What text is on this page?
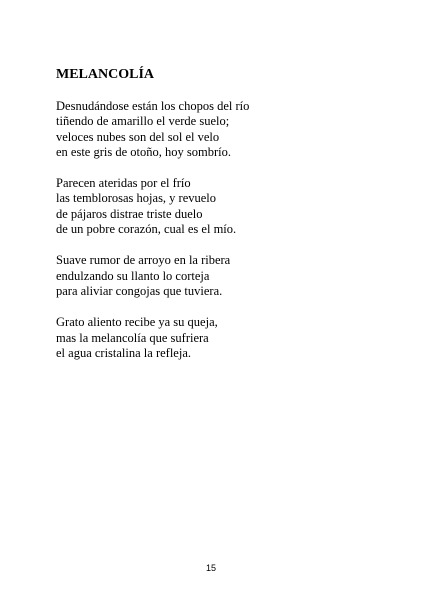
MELANCOLÍA
Desnudándose están los chopos del río
tiñendo de amarillo el verde suelo;
veloces nubes son del sol el velo
en este gris de otoño, hoy sombrío.
Parecen ateridas por el frío
las temblorosas hojas, y revuelo
de pájaros distrae triste duelo
de un pobre corazón, cual es el mío.
Suave rumor de arroyo en la ribera
endulzando su llanto lo corteja
para aliviar congojas que tuviera.
Grato aliento recibe ya su queja,
mas la melancolía que sufriera
el agua cristalina la refleja.
15
